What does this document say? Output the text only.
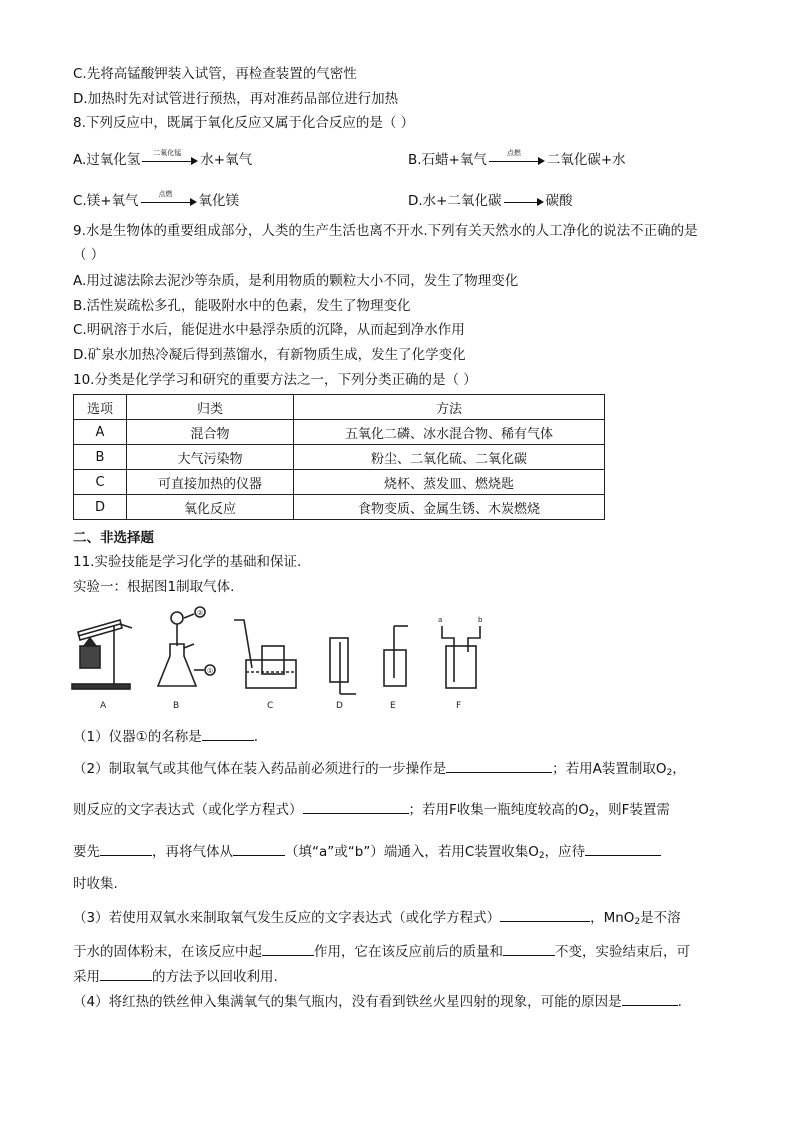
C.先将高锰酸钾装入试管，再检查装置的气密性
D.加热时先对试管进行预热，再对准药品部位进行加热
8.下列反应中，既属于氧化反应又属于化合反应的是（ ）
A.过氧化氢	二氧化锰	水+氧气	B.石蜡+氧气	点燃	二氧化碳+水
C.镁+氧气	点燃	氧化镁	D.水+二氧化碳	碳酸
9.水是生物体的重要组成部分，人类的生产生活也离不开水.下列有关天然水的人工净化的说法不正确的是
（ ）
A.用过滤法除去泥沙等杂质，是利用物质的颗粒大小不同，发生了物理变化
B.活性炭疏松多孔，能吸附水中的色素，发生了物理变化
C.明矾溶于水后，能促进水中悬浮杂质的沉降，从而起到净水作用
D.矿泉水加热冷凝后得到蒸馏水，有新物质生成，发生了化学变化
10.分类是化学学习和研究的重要方法之一，下列分类正确的是（ ）
选项	归类	方法
A	混合物	五氧化二磷、冰水混合物、稀有气体
B	大气污染物	粉尘、二氧化硫、二氧化碳
C	可直接加热的仪器	烧杯、蒸发皿、燃烧匙
D	氧化反应	食物变质、金属生锈、木炭燃烧
二、非选择题
11.实验技能是学习化学的基础和保证.
实验一：根据图1制取气体.
A
②
①
B	C	D	E
a	b
F
（1）仪器①的名称是	.
（2）制取氧气或其他气体在装入药品前必须进行的一步操作是	；若用A装置制取$O_2$，
则反应的文字表达式（或化学方程式）	；若用F收集一瓶纯度较高的$O_2$，则F装置需
要先	，再将气体从	（填“a”或“b”）端通入，若用C装置收集$O_2$，应待
时收集.
（3）若使用双氧水来制取氧气发生反应的文字表达式（或化学方程式）	，MnO$_2$是不溶
于水的固体粉末，在该反应中起	作用，它在该反应前后的质量和	不变，实验结束后，可
采用	的方法予以回收利用.
（4）将红热的铁丝伸入集满氧气的集气瓶内，没有看到铁丝火星四射的现象，可能的原因是	.
